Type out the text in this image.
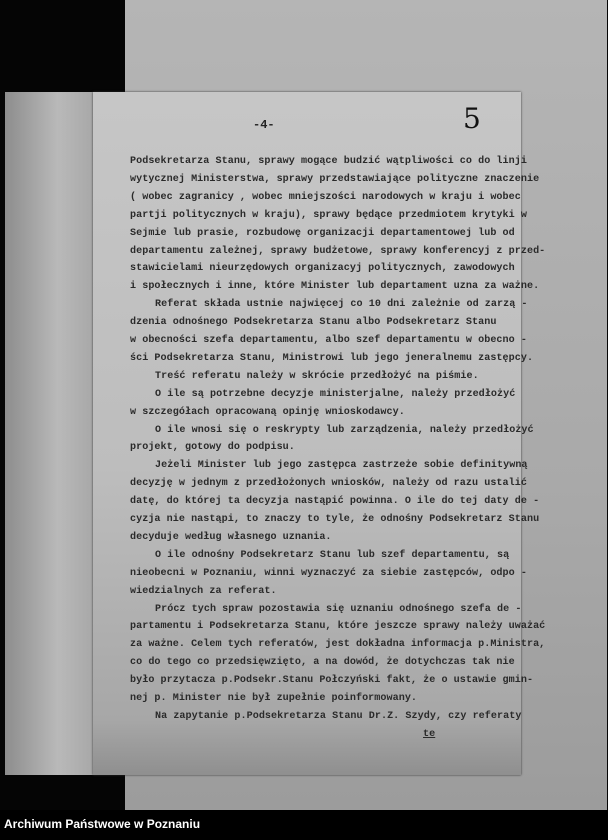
-4-	5
Podsekretarza Stanu, sprawy mogące budzić wątpliwości co do linji
wytycznej Ministerstwa, sprawy przedstawiające polityczne znaczenie
( wobec zagranicy , wobec mniejszości narodowych w kraju i wobec
partji politycznych w kraju), sprawy będące przedmiotem krytyki w
Sejmie lub prasie, rozbudowę organizacji departamentowej lub od
departamentu zależnej, sprawy budżetowe, sprawy konferencyj z przed-
stawicielami nieurzędowych organizacyj politycznych, zawodowych
i społecznych i inne, które Minister lub departament uzna za ważne.
Referat składa ustnie najwięcej co 10 dni zależnie od zarzą -
dzenia odnośnego Podsekretarza Stanu albo Podsekretarz Stanu
w obecności szefa departamentu, albo szef departamentu w obecno -
ści Podsekretarza Stanu, Ministrowi lub jego jeneralnemu zastępcy.
Treść referatu należy w skrócie przedłożyć na piśmie.
O ile są potrzebne decyzje ministerjalne, należy przedłożyć
w szczegółach opracowaną opinję wnioskodawcy.
O ile wnosi się o reskrypty lub zarządzenia, należy przedłożyć
projekt, gotowy do podpisu.
Jeżeli Minister lub jego zastępca zastrzeże sobie definitywną
decyzję w jednym z przedłożonych wniosków, należy od razu ustalić
datę, do której ta decyzja nastąpić powinna. O ile do tej daty de -
cyzja nie nastąpi, to znaczy to tyle, że odnośny Podsekretarz Stanu
decyduje według własnego uznania.
O ile odnośny Podsekretarz Stanu lub szef departamentu, są
nieobecni w Poznaniu, winni wyznaczyć za siebie zastępców, odpo -
wiedzialnych za referat.
Prócz tych spraw pozostawia się uznaniu odnośnego szefa de -
partamentu i Podsekretarza Stanu, które jeszcze sprawy należy uważać
za ważne. Celem tych referatów, jest dokładna informacja p.Ministra,
co do tego co przedsięwzięto, a na dowód, że dotychczas tak nie
było przytacza p.Podsekr.Stanu Połczyński fakt, że o ustawie gmin-
nej p. Minister nie był zupełnie poinformowany.
Na zapytanie p.Podsekretarza Stanu Dr.Z. Szydy, czy referaty
te
Archiwum Państwowe w Poznaniu
